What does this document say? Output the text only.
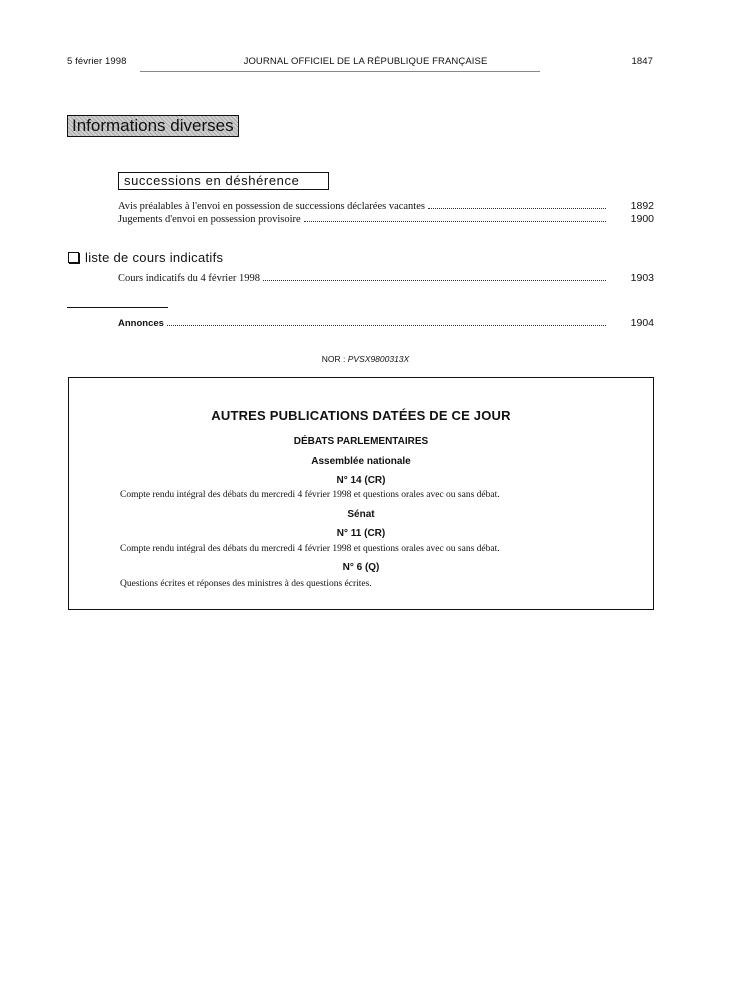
5 février 1998	JOURNAL OFFICIEL DE LA RÉPUBLIQUE FRANÇAISE	1847
Informations diverses
successions en déshérence
Avis préalables à l'envoi en possession de successions déclarées vacantes	1892
Jugements d'envoi en possession provisoire	1900
liste de cours indicatifs
Cours indicatifs du 4 février 1998	1903
Annonces	1904
NOR : PVSX9800313X
AUTRES PUBLICATIONS DATÉES DE CE JOUR
DÉBATS PARLEMENTAIRES
Assemblée nationale
N° 14 (CR)
Compte rendu intégral des débats du mercredi 4 février 1998 et questions orales avec ou sans débat.
Sénat
N° 11 (CR)
Compte rendu intégral des débats du mercredi 4 février 1998 et questions orales avec ou sans débat.
N° 6 (Q)
Questions écrites et réponses des ministres à des questions écrites.
